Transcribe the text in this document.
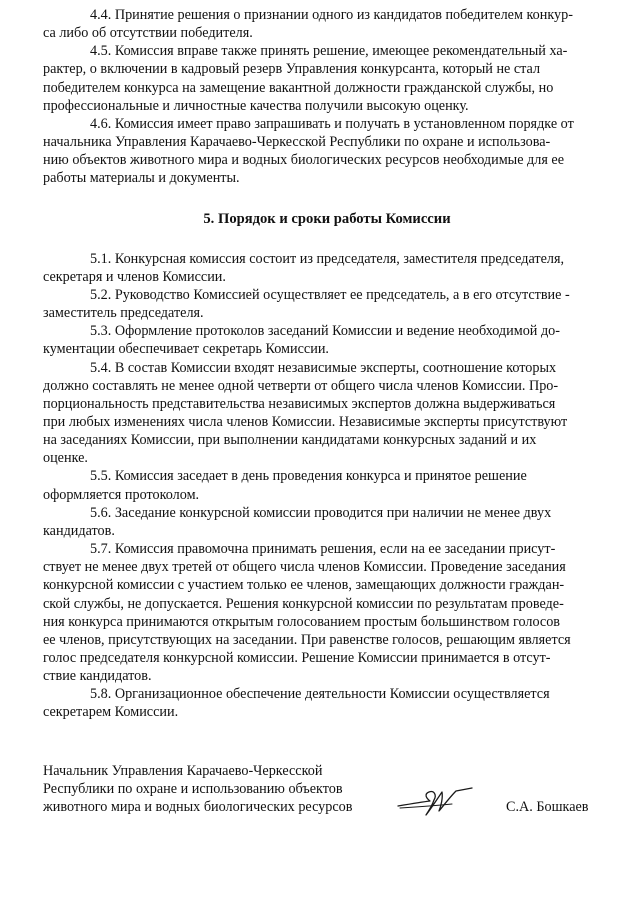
4.4. Принятие решения о признании одного из кандидатов победителем конкур-
са либо об отсутствии победителя.

4.5. Комиссия вправе также принять решение, имеющее рекомендательный ха-
рактер, о включении в кадровый резерв Управления конкурсанта, который не стал
победителем конкурса на замещение вакантной должности гражданской службы, но
профессиональные и личностные качества получили высокую оценку.

4.6. Комиссия имеет право запрашивать и получать в установленном порядке от
начальника Управления Карачаево-Черкесской Республики по охране и использова-
нию объектов животного мира и водных биологических ресурсов необходимые для ее
работы материалы и документы.

5. Порядок и сроки работы Комиссии

5.1. Конкурсная комиссия состоит из председателя, заместителя председателя,
секретаря и членов Комиссии.

5.2. Руководство Комиссией осуществляет ее председатель, а в его отсутствие -
заместитель председателя.

5.3. Оформление протоколов заседаний Комиссии и ведение необходимой до-
кументации обеспечивает секретарь Комиссии.

5.4. В состав Комиссии входят независимые эксперты, соотношение которых
должно составлять не менее одной четверти от общего числа членов Комиссии. Про-
порциональность представительства независимых экспертов должна выдерживаться
при любых изменениях числа членов Комиссии. Независимые эксперты присутствуют
на заседаниях Комиссии, при выполнении кандидатами конкурсных заданий и их
оценке.

5.5. Комиссия заседает в день проведения конкурса и принятое решение
оформляется протоколом.

5.6. Заседание конкурсной комиссии проводится при наличии не менее двух
кандидатов.

5.7. Комиссия правомочна принимать решения, если на ее заседании присут-
ствует не менее двух третей от общего числа членов Комиссии. Проведение заседания
конкурсной комиссии с участием только ее членов, замещающих должности граждан-
ской службы, не допускается. Решения конкурсной комиссии по результатам проведе-
ния конкурса принимаются открытым голосованием простым большинством голосов
ее членов, присутствующих на заседании. При равенстве голосов, решающим является
голос председателя конкурсной комиссии. Решение Комиссии принимается в отсут-
ствие кандидатов.

5.8. Организационное обеспечение деятельности Комиссии осуществляется
секретарем Комиссии.

Начальник Управления Карачаево-Черкесской
Республики по охране и использованию объектов
животного мира и водных биологических ресурсов	С.А. Бошкаев
